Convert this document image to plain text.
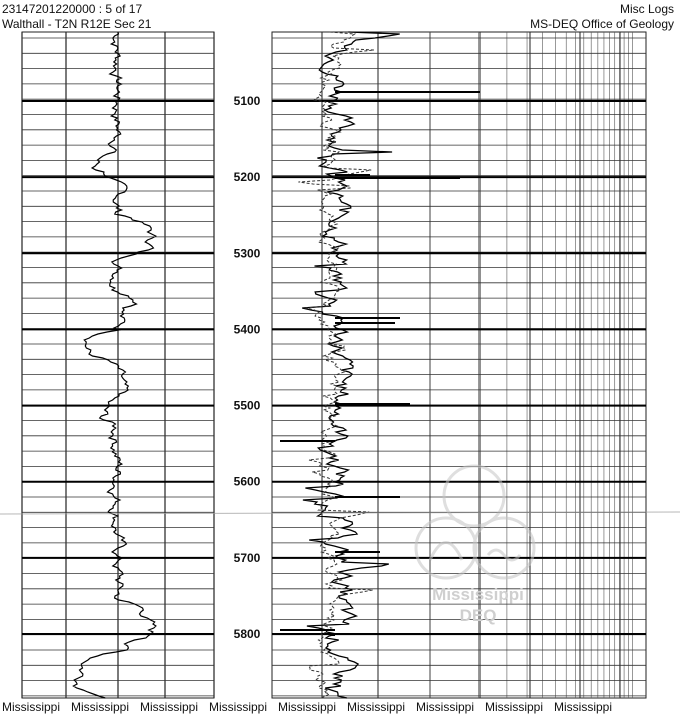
23147201220000 : 5 of 17
Walthall - T2N R12E Sec 21
Misc Logs
MS-DEQ Office of Geology
5100
5200
5300
5400
5500
5600
5700
5800
Mississippi
DEQ
Mississippi Mississippi Mississippi Mississippi Mississippi Mississippi Mississippi Mississippi Mississippi
